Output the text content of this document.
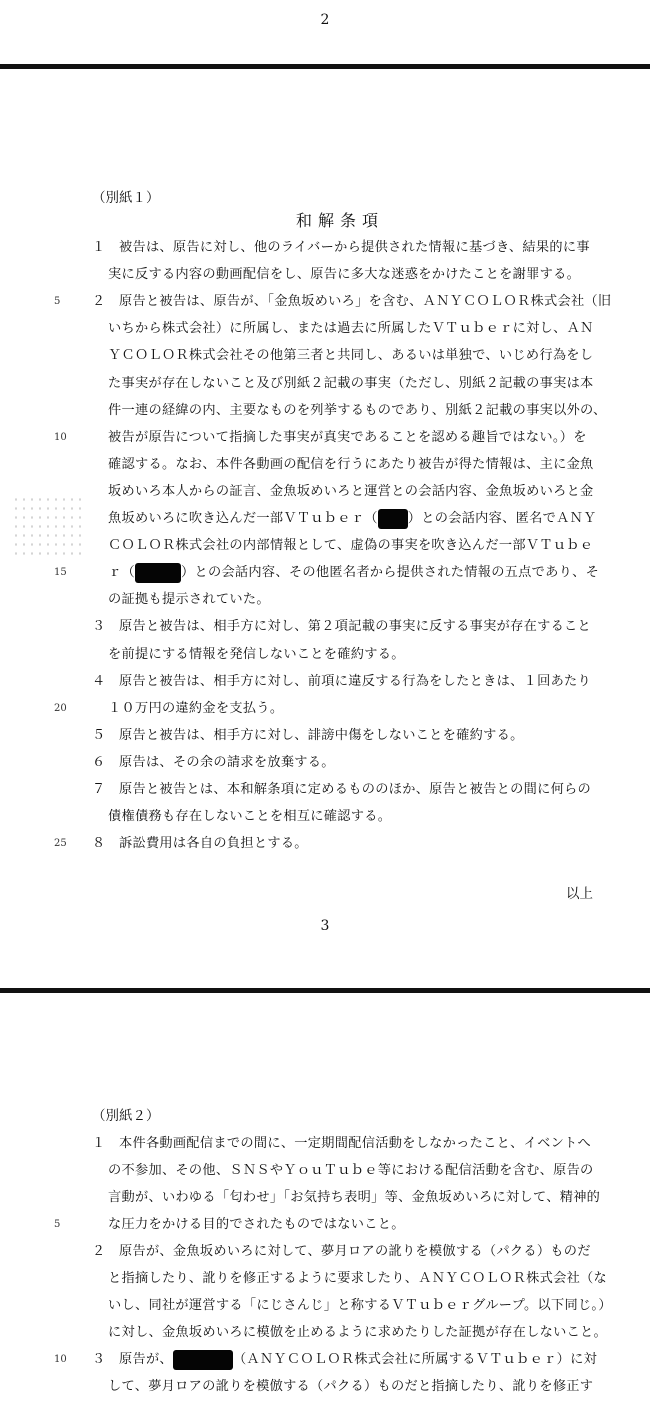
2
（別紙１）
和解条項
１　被告は、原告に対し、他のライバーから提供された情報に基づき、結果的に事
実に反する内容の動画配信をし、原告に多大な迷惑をかけたことを謝罪する。
5	２　原告と被告は、原告が、「金魚坂めいろ」を含む、ＡＮＹＣＯＬＯＲ株式会社（旧
いちから株式会社）に所属し、または過去に所属したＶＴｕｂｅｒに対し、ＡＮ
ＹＣＯＬＯＲ株式会社その他第三者と共同し、あるいは単独で、いじめ行為をし
た事実が存在しないこと及び別紙２記載の事実（ただし、別紙２記載の事実は本
件一連の経緯の内、主要なものを列挙するものであり、別紙２記載の事実以外の、
10	被告が原告について指摘した事実が真実であることを認める趣旨ではない。）を
確認する。なお、本件各動画の配信を行うにあたり被告が得た情報は、主に金魚
坂めいろ本人からの証言、金魚坂めいろと運営との会話内容、金魚坂めいろと金
魚坂めいろに吹き込んだ一部ＶＴｕｂｅｒ（ ）との会話内容、匿名でＡＮＹ
ＣＯＬＯＲ株式会社の内部情報として、虚偽の事実を吹き込んだ一部ＶＴｕｂｅ
15	ｒ（	）との会話内容、その他匿名者から提供された情報の五点であり、そ
の証拠も提示されていた。
３　原告と被告は、相手方に対し、第２項記載の事実に反する事実が存在すること
を前提にする情報を発信しないことを確約する。
４　原告と被告は、相手方に対し、前項に違反する行為をしたときは、１回あたり
20	１０万円の違約金を支払う。
５　原告と被告は、相手方に対し、誹謗中傷をしないことを確約する。
６　原告は、その余の請求を放棄する。
７　原告と被告とは、本和解条項に定めるもののほか、原告と被告との間に何らの
債権債務も存在しないことを相互に確認する。
25	８　訴訟費用は各自の負担とする。
以上
3
（別紙２）
１　本件各動画配信までの間に、一定期間配信活動をしなかったこと、イベントへ
の不参加、その他、ＳＮＳやＹｏｕＴｕｂｅ等における配信活動を含む、原告の
言動が、いわゆる「匂わせ」「お気持ち表明」等、金魚坂めいろに対して、精神的
5	な圧力をかける目的でされたものではないこと。
２　原告が、金魚坂めいろに対して、夢月ロアの訛りを模倣する（パクる）ものだ
と指摘したり、訛りを修正するように要求したり、ＡＮＹＣＯＬＯＲ株式会社（な
いし、同社が運営する「にじさんじ」と称するＶＴｕｂｅｒグループ。以下同じ。）
に対し、金魚坂めいろに模倣を止めるように求めたりした証拠が存在しないこと。
10	３　原告が、	（ＡＮＹＣＯＬＯＲ株式会社に所属するＶＴｕｂｅｒ）に対
して、夢月ロアの訛りを模倣する（パクる）ものだと指摘したり、訛りを修正す
